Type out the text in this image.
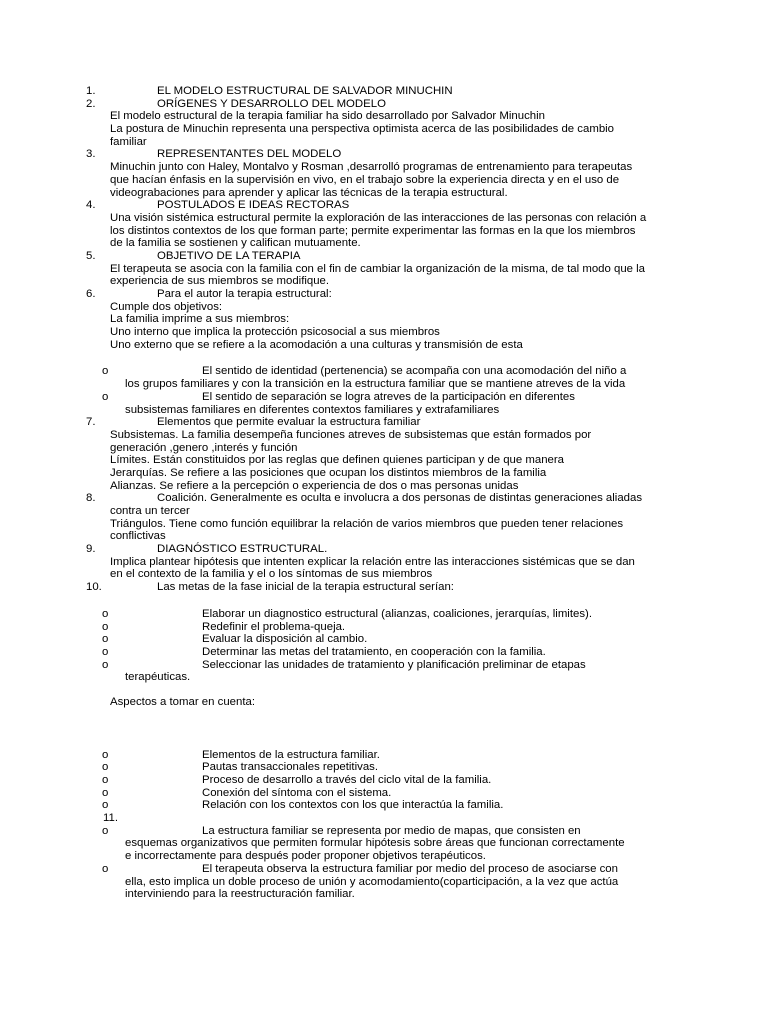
1.	EL MODELO ESTRUCTURAL DE SALVADOR MINUCHIN
2.	ORÍGENES Y DESARROLLO DEL MODELO
El modelo estructural de la terapia familiar ha sido desarrollado por Salvador Minuchin
La postura de Minuchin representa una perspectiva optimista acerca de las posibilidades de cambio
familiar
3.	REPRESENTANTES DEL MODELO
Minuchin junto con Haley, Montalvo y Rosman ,desarrolló programas de entrenamiento para terapeutas
que hacían énfasis en la supervisión en vivo, en el trabajo sobre la experiencia directa y en el uso de
videograbaciones para aprender y aplicar las técnicas de la terapia estructural.
4.	POSTULADOS E IDEAS RECTORAS
Una visión sistémica estructural permite la exploración de las interacciones de las personas con relación a
los distintos contextos de los que forman parte; permite experimentar las formas en la que los miembros
de la familia se sostienen y califican mutuamente.
5.	OBJETIVO DE LA TERAPIA
El terapeuta se asocia con la familia con el fin de cambiar la organización de la misma, de tal modo que la
experiencia de sus miembros se modifique.
6.	Para el autor la terapia estructural:
Cumple dos objetivos:
La familia imprime a sus miembros:
Uno interno que implica la protección psicosocial a sus miembros
Uno externo que se refiere a la acomodación a una culturas y transmisión de esta
o	El sentido de identidad (pertenencia) se acompaña con una acomodación del niño a
los grupos familiares y con la transición en la estructura familiar que se mantiene atreves de la vida
o	El sentido de separación se logra atreves de la participación en diferentes
subsistemas familiares en diferentes contextos familiares y extrafamiliares
7.	Elementos que permite evaluar la estructura familiar
Subsistemas. La familia desempeña funciones atreves de subsistemas que están formados por
generación ,genero ,interés y función
Límites. Están constituidos por las reglas que definen quienes participan y de que manera
Jerarquías. Se refiere a las posiciones que ocupan los distintos miembros de la familia
Alianzas. Se refiere a la percepción o experiencia de dos o mas personas unidas
8.	Coalición. Generalmente es oculta e involucra a dos personas de distintas generaciones aliadas
contra un tercer
Triángulos. Tiene como función equilibrar la relación de varios miembros que pueden tener relaciones
conflictivas
9.	DIAGNÓSTICO ESTRUCTURAL.
Implica plantear hipótesis que intenten explicar la relación entre las interacciones sistémicas que se dan
en el contexto de la familia y el o los síntomas de sus miembros
10.	Las metas de la fase inicial de la terapia estructural serían:
o	Elaborar un diagnostico estructural (alianzas, coaliciones, jerarquías, limites).
o	Redefinir el problema-queja.
o	Evaluar la disposición al cambio.
o	Determinar las metas del tratamiento, en cooperación con la familia.
o	Seleccionar las unidades de tratamiento y planificación preliminar de etapas
terapéuticas.
Aspectos a tomar en cuenta:
o	Elementos de la estructura familiar.
o	Pautas transaccionales repetitivas.
o	Proceso de desarrollo a través del ciclo vital de la familia.
o	Conexión del síntoma con el sistema.
o	Relación con los contextos con los que interactúa la familia.
11.
o	La estructura familiar se representa por medio de mapas, que consisten en
esquemas organizativos que permiten formular hipótesis sobre áreas que funcionan correctamente
e incorrectamente para después poder proponer objetivos terapéuticos.
o	El terapeuta observa la estructura familiar por medio del proceso de asociarse con
ella, esto implica un doble proceso de unión y acomodamiento(coparticipación, a la vez que actúa
interviniendo para la reestructuración familiar.
